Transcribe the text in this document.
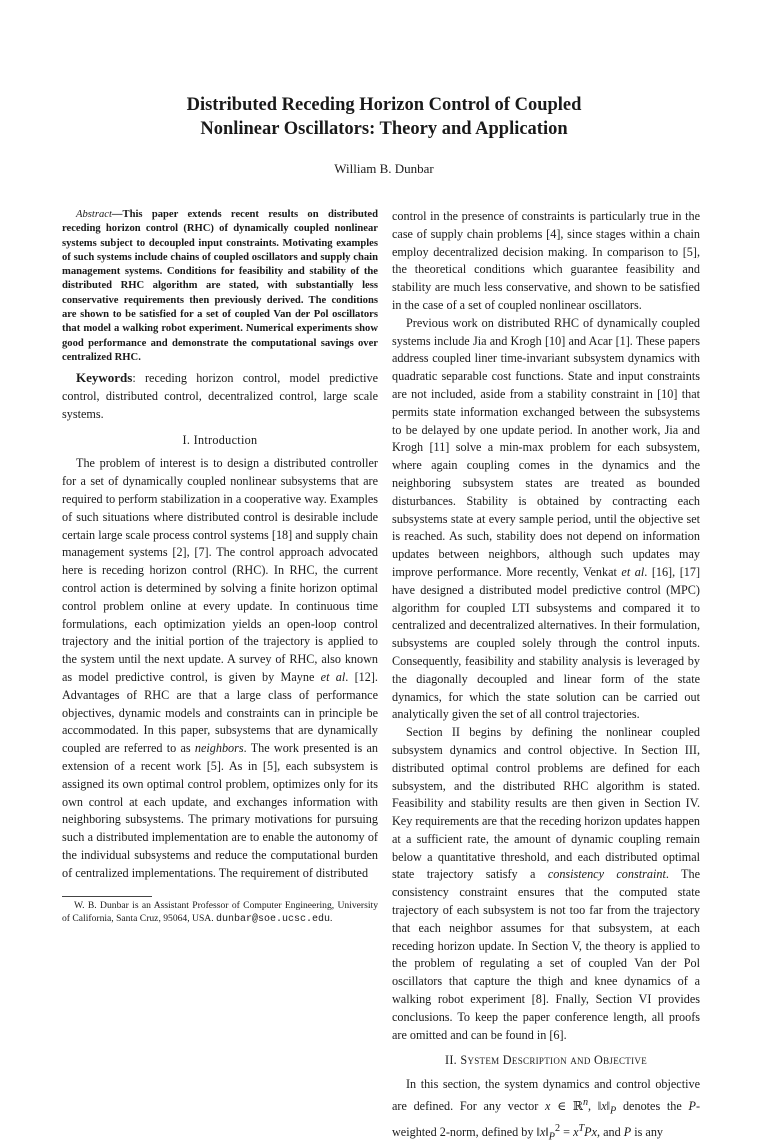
Distributed Receding Horizon Control of Coupled
Nonlinear Oscillators: Theory and Application
William B. Dunbar

Abstract—This paper extends recent results on distributed receding horizon control (RHC) of dynamically coupled nonlinear systems subject to decoupled input constraints. Motivating examples of such systems include chains of coupled oscillators and supply chain management systems. Conditions for feasibility and stability of the distributed RHC algorithm are stated, with substantially less conservative requirements then previously derived. The conditions are shown to be satisfied for a set of coupled Van der Pol oscillators that model a walking robot experiment. Numerical experiments show good performance and demonstrate the computational savings over centralized RHC.

Keywords: receding horizon control, model predictive control, distributed control, decentralized control, large scale systems.

I. Introduction

The problem of interest is to design a distributed controller for a set of dynamically coupled nonlinear subsystems that are required to perform stabilization in a cooperative way. Examples of such situations where distributed control is desirable include certain large scale process control systems [18] and supply chain management systems [2], [7]. The control approach advocated here is receding horizon control (RHC). In RHC, the current control action is determined by solving a finite horizon optimal control problem online at every update. In continuous time formulations, each optimization yields an open-loop control trajectory and the initial portion of the trajectory is applied to the system until the next update. A survey of RHC, also known as model predictive control, is given by Mayne et al. [12]. Advantages of RHC are that a large class of performance objectives, dynamic models and constraints can in principle be accommodated. In this paper, subsystems that are dynamically coupled are referred to as neighbors. The work presented is an extension of a recent work [5]. As in [5], each subsystem is assigned its own optimal control problem, optimizes only for its own control at each update, and exchanges information with neighboring subsystems. The primary motivations for pursuing such a distributed implementation are to enable the autonomy of the individual subsystems and reduce the computational burden of centralized implementations. The requirement of distributed

control in the presence of constraints is particularly true in the case of supply chain problems [4], since stages within a chain employ decentralized decision making. In comparison to [5], the theoretical conditions which guarantee feasibility and stability are much less conservative, and shown to be satisfied in the case of a set of coupled nonlinear oscillators.

Previous work on distributed RHC of dynamically coupled systems include Jia and Krogh [10] and Acar [1]. These papers address coupled liner time-invariant subsystem dynamics with quadratic separable cost functions. State and input constraints are not included, aside from a stability constraint in [10] that permits state information exchanged between the subsystems to be delayed by one update period. In another work, Jia and Krogh [11] solve a min-max problem for each subsystem, where again coupling comes in the dynamics and the neighboring subsystem states are treated as bounded disturbances. Stability is obtained by contracting each subsystems state at every sample period, until the objective set is reached. As such, stability does not depend on information updates between neighbors, although such updates may improve performance. More recently, Venkat et al. [16], [17] have designed a distributed model predictive control (MPC) algorithm for coupled LTI subsystems and compared it to centralized and decentralized alternatives. In their formulation, subsystems are coupled solely through the control inputs. Consequently, feasibility and stability analysis is leveraged by the diagonally decoupled and linear form of the state dynamics, for which the state solution can be carried out analytically given the set of all control trajectories.

Section II begins by defining the nonlinear coupled subsystem dynamics and control objective. In Section III, distributed optimal control problems are defined for each subsystem, and the distributed RHC algorithm is stated. Feasibility and stability results are then given in Section IV. Key requirements are that the receding horizon updates happen at a sufficient rate, the amount of dynamic coupling remain below a quantitative threshold, and each distributed optimal state trajectory satisfy a consistency constraint. The consistency constraint ensures that the computed state trajectory of each subsystem is not too far from the trajectory that each neighbor assumes for that subsystem, at each receding horizon update. In Section V, the theory is applied to the problem of regulating a set of coupled Van der Pol oscillators that capture the thigh and knee dynamics of a walking robot experiment [8]. Fnally, Section VI provides conclusions. To keep the paper conference length, all proofs are omitted and can be found in [6].

II. System Description and Objective

In this section, the system dynamics and control objective are defined. For any vector x ∈ ℝ$^n$, $‖x‖_P$ denotes the P-weighted 2-norm, defined by $‖x‖_P^2 = x^TPx$, and P is any

W. B. Dunbar is an Assistant Professor of Computer Engineering, University of California, Santa Cruz, 95064, USA. dunbar@soe.ucsc.edu.
